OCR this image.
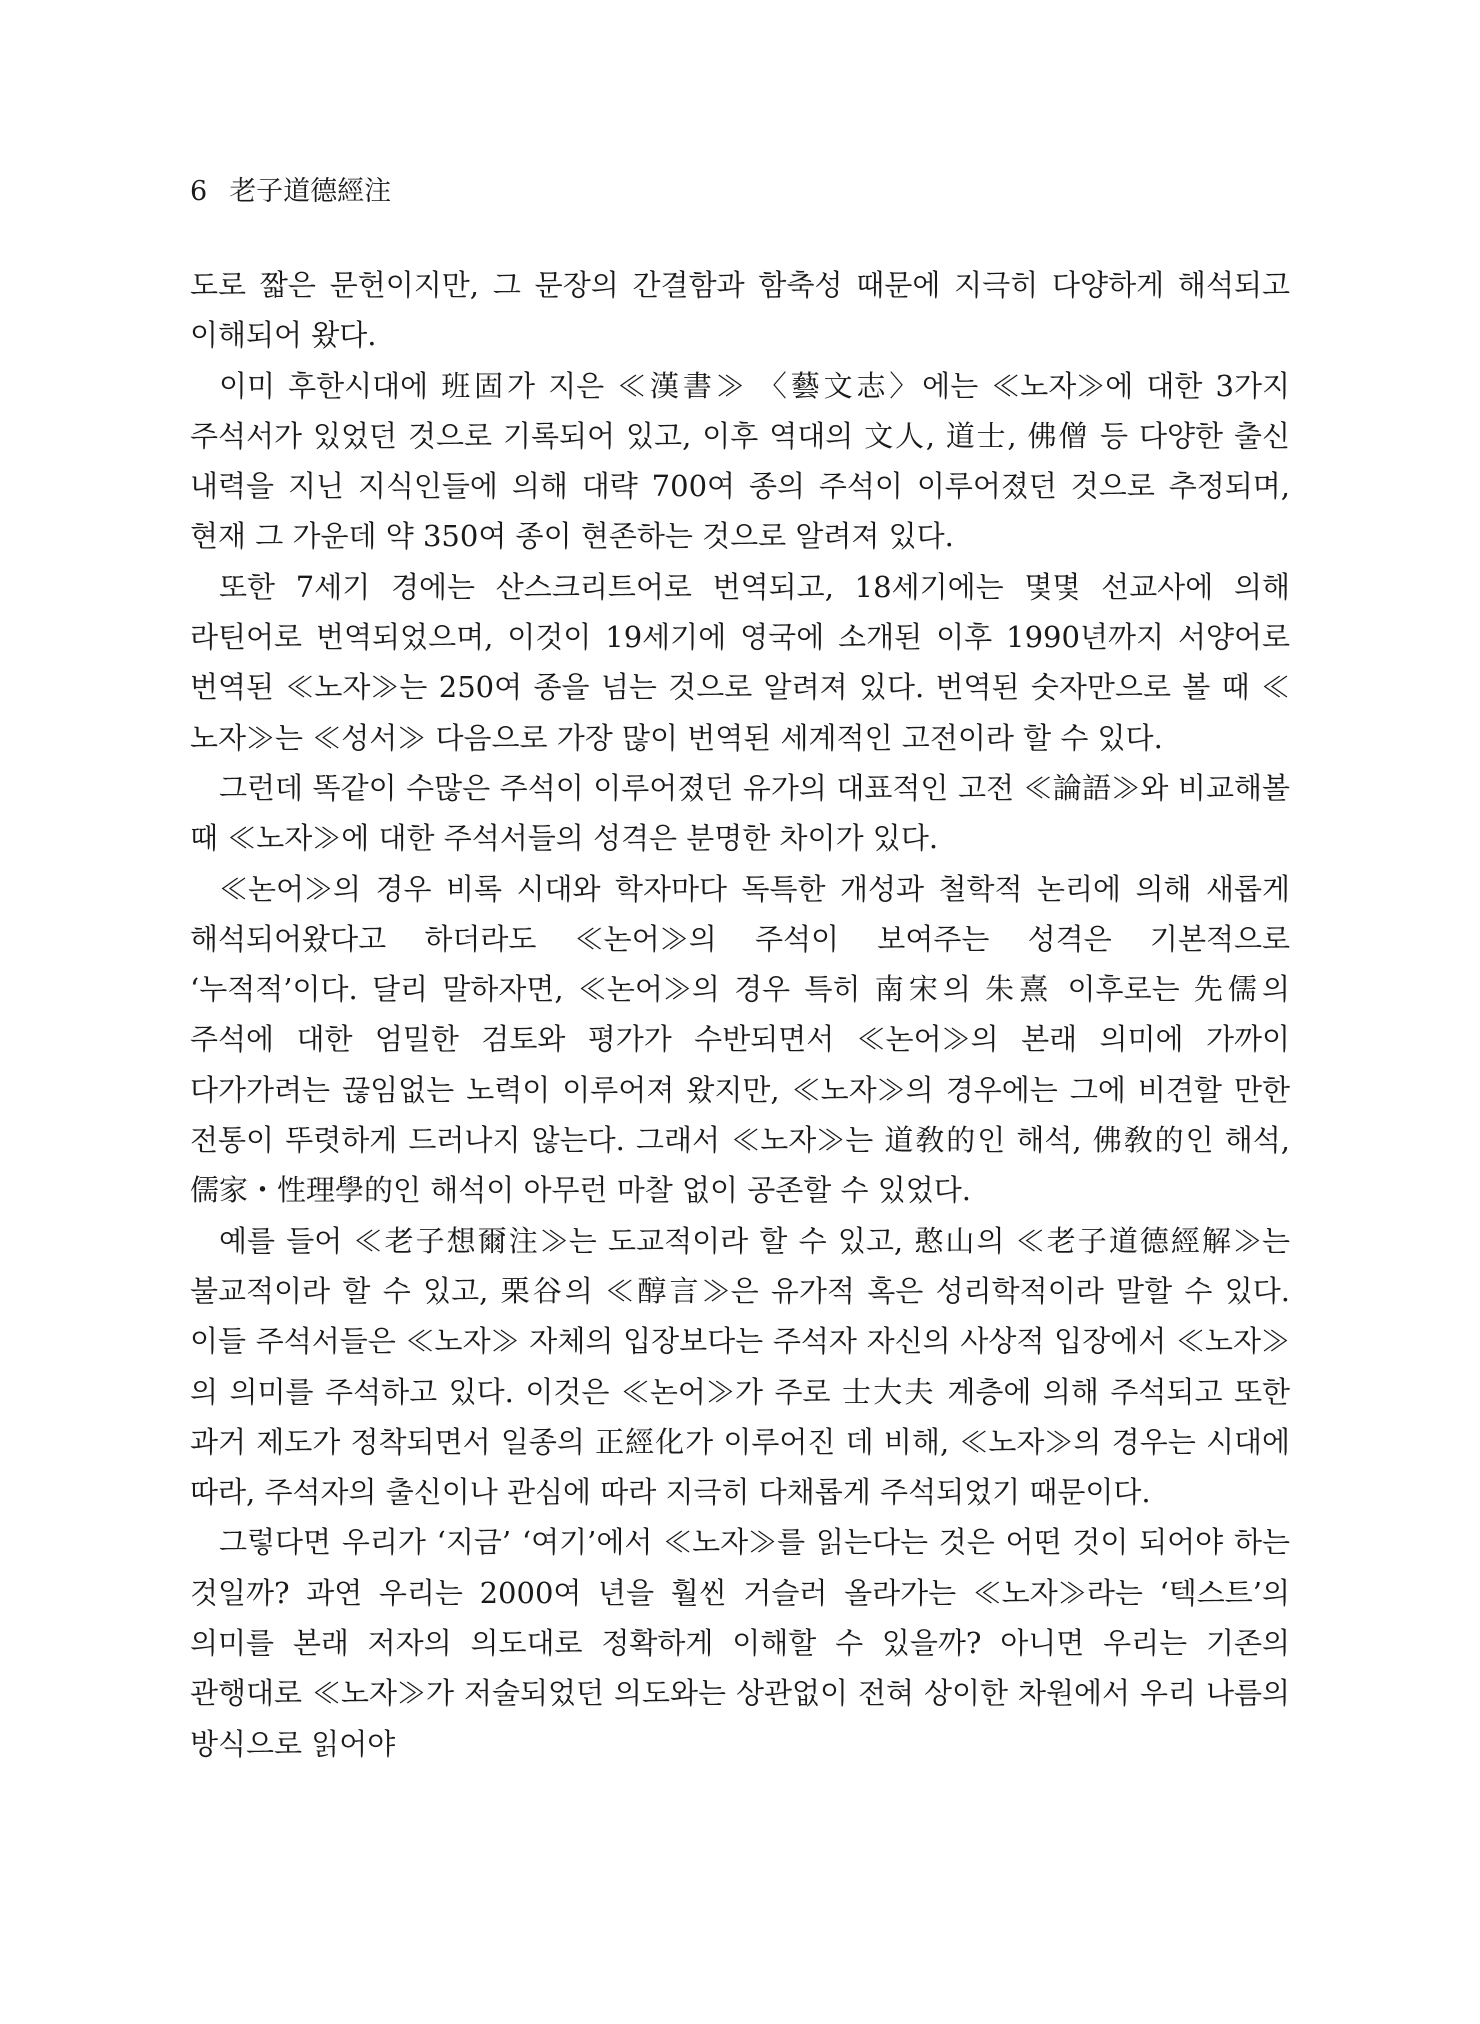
6 老子道德經注

도로 짧은 문헌이지만, 그 문장의 간결함과 함축성 때문에 지극히 다양하게 해석되고 이해되어 왔다.

이미 후한시대에 班固가 지은 ≪漢書≫ 〈藝文志〉에는 ≪노자≫에 대한 3가지 주석서가 있었던 것으로 기록되어 있고, 이후 역대의 文人, 道士, 佛僧 등 다양한 출신 내력을 지닌 지식인들에 의해 대략 700여 종의 주석이 이루어졌던 것으로 추정되며, 현재 그 가운데 약 350여 종이 현존하는 것으로 알려져 있다.

또한 7세기 경에는 산스크리트어로 번역되고, 18세기에는 몇몇 선교사에 의해 라틴어로 번역되었으며, 이것이 19세기에 영국에 소개된 이후 1990년까지 서양어로 번역된 ≪노자≫는 250여 종을 넘는 것으로 알려져 있다. 번역된 숫자만으로 볼 때 ≪노자≫는 ≪성서≫ 다음으로 가장 많이 번역된 세계적인 고전이라 할 수 있다.

그런데 똑같이 수많은 주석이 이루어졌던 유가의 대표적인 고전 ≪論語≫와 비교해볼 때 ≪노자≫에 대한 주석서들의 성격은 분명한 차이가 있다.

≪논어≫의 경우 비록 시대와 학자마다 독특한 개성과 철학적 논리에 의해 새롭게 해석되어왔다고 하더라도 ≪논어≫의 주석이 보여주는 성격은 기본적으로 ‘누적적’이다. 달리 말하자면, ≪논어≫의 경우 특히 南宋의 朱熹 이후로는 先儒의 주석에 대한 엄밀한 검토와 평가가 수반되면서 ≪논어≫의 본래 의미에 가까이 다가가려는 끊임없는 노력이 이루어져 왔지만, ≪노자≫의 경우에는 그에 비견할 만한 전통이 뚜렷하게 드러나지 않는다. 그래서 ≪노자≫는 道敎的인 해석, 佛敎的인 해석, 儒家・性理學的인 해석이 아무런 마찰 없이 공존할 수 있었다.

예를 들어 ≪老子想爾注≫는 도교적이라 할 수 있고, 憨山의 ≪老子道德經解≫는 불교적이라 할 수 있고, 栗谷의 ≪醇言≫은 유가적 혹은 성리학적이라 말할 수 있다. 이들 주석서들은 ≪노자≫ 자체의 입장보다는 주석자 자신의 사상적 입장에서 ≪노자≫의 의미를 주석하고 있다. 이것은 ≪논어≫가 주로 士大夫 계층에 의해 주석되고 또한 과거 제도가 정착되면서 일종의 正經化가 이루어진 데 비해, ≪노자≫의 경우는 시대에 따라, 주석자의 출신이나 관심에 따라 지극히 다채롭게 주석되었기 때문이다.

그렇다면 우리가 ‘지금’ ‘여기’에서 ≪노자≫를 읽는다는 것은 어떤 것이 되어야 하는 것일까? 과연 우리는 2000여 년을 훨씬 거슬러 올라가는 ≪노자≫라는 ‘텍스트’의 의미를 본래 저자의 의도대로 정확하게 이해할 수 있을까? 아니면 우리는 기존의 관행대로 ≪노자≫가 저술되었던 의도와는 상관없이 전혀 상이한 차원에서 우리 나름의 방식으로 읽어야
